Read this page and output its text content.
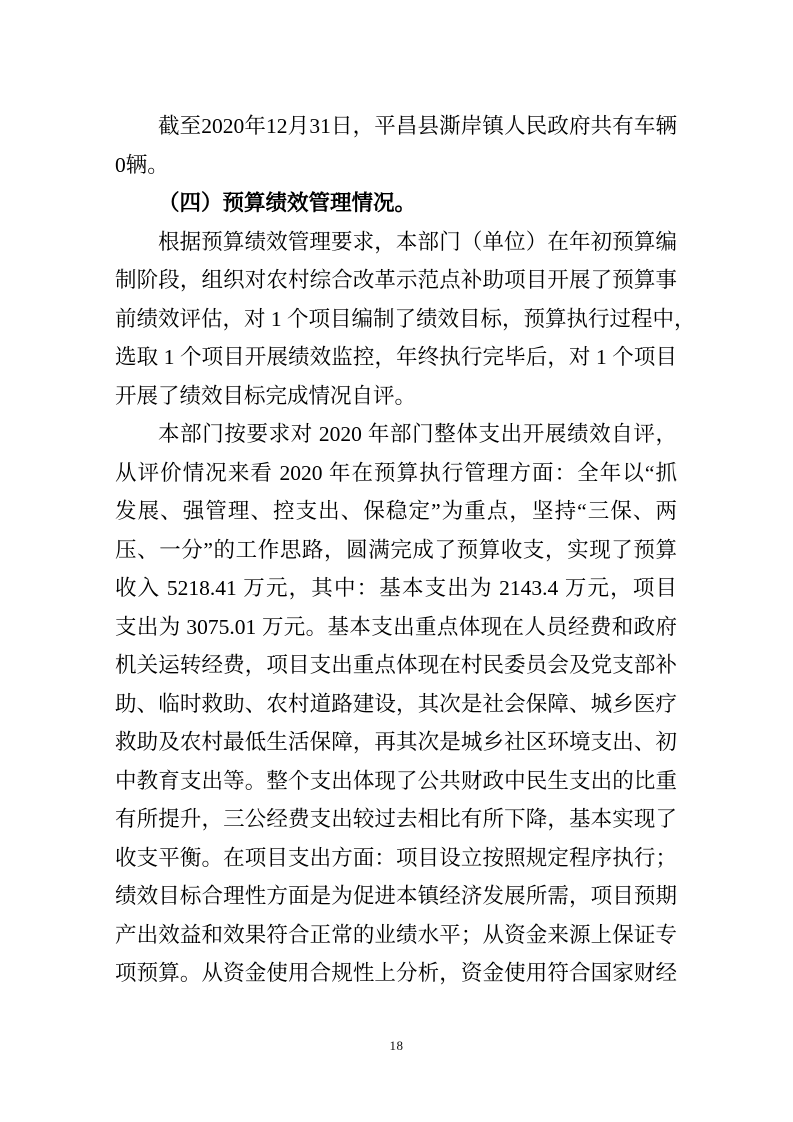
截至2020年12月31日，平昌县澌岸镇人民政府共有车辆

0辆。

（四）预算绩效管理情况。

根据预算绩效管理要求，本部门（单位）在年初预算编

制阶段，组织对农村综合改革示范点补助项目开展了预算事

前绩效评估，对 1 个项目编制了绩效目标，预算执行过程中，

选取 1 个项目开展绩效监控，年终执行完毕后，对 1 个项目

开展了绩效目标完成情况自评。

本部门按要求对 2020 年部门整体支出开展绩效自评，

从评价情况来看 2020 年在预算执行管理方面：全年以“抓

发展、强管理、控支出、保稳定”为重点，坚持“三保、两

压、一分”的工作思路，圆满完成了预算收支，实现了预算

收入 5218.41 万元，其中：基本支出为 2143.4 万元，项目

支出为 3075.01 万元。基本支出重点体现在人员经费和政府

机关运转经费，项目支出重点体现在村民委员会及党支部补

助、临时救助、农村道路建设，其次是社会保障、城乡医疗

救助及农村最低生活保障，再其次是城乡社区环境支出、初

中教育支出等。整个支出体现了公共财政中民生支出的比重

有所提升，三公经费支出较过去相比有所下降，基本实现了

收支平衡。在项目支出方面：项目设立按照规定程序执行；

绩效目标合理性方面是为促进本镇经济发展所需，项目预期

产出效益和效果符合正常的业绩水平；从资金来源上保证专

项预算。从资金使用合规性上分析，资金使用符合国家财经

18
